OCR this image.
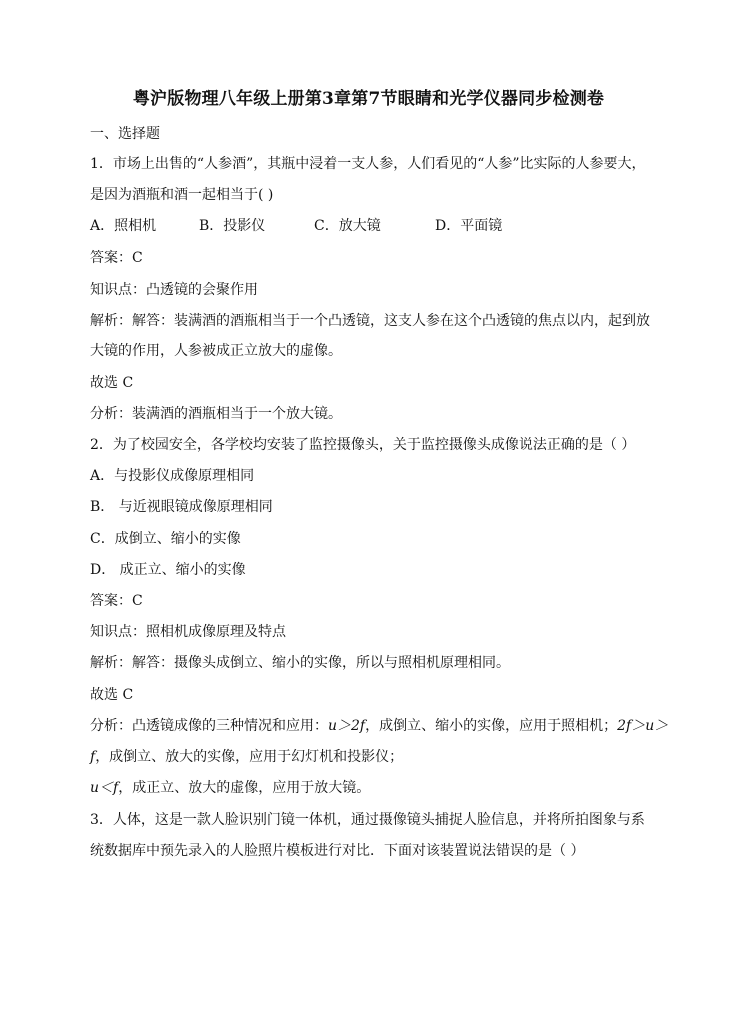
粤沪版物理八年级上册第3章第7节眼睛和光学仪器同步检测卷
一、选择题
1．市场上出售的“人参酒”，其瓶中浸着一支人参，人们看见的“人参”比实际的人参要大，
是因为酒瓶和酒一起相当于( )
A．照相机	B．投影仪	C．放大镜	D．平面镜
答案：C
知识点：凸透镜的会聚作用
解析：解答：装满酒的酒瓶相当于一个凸透镜，这支人参在这个凸透镜的焦点以内，起到放
大镜的作用，人参被成正立放大的虚像。
故选 C
分析：装满酒的酒瓶相当于一个放大镜。
2．为了校园安全，各学校均安装了监控摄像头，关于监控摄像头成像说法正确的是（ ）
A．与投影仪成像原理相同
B． 与近视眼镜成像原理相同
C．成倒立、缩小的实像
D． 成正立、缩小的实像
答案：C
知识点：照相机成像原理及特点
解析：解答：摄像头成倒立、缩小的实像，所以与照相机原理相同。
故选 C
分析：凸透镜成像的三种情况和应用：u＞2f，成倒立、缩小的实像，应用于照相机；2f＞u＞
f，成倒立、放大的实像，应用于幻灯机和投影仪；
u＜f，成正立、放大的虚像，应用于放大镜。
3．人体，这是一款人脸识别门镜一体机，通过摄像镜头捕捉人脸信息，并将所拍图象与系
统数据库中预先录入的人脸照片模板进行对比．下面对该装置说法错误的是（ ）
